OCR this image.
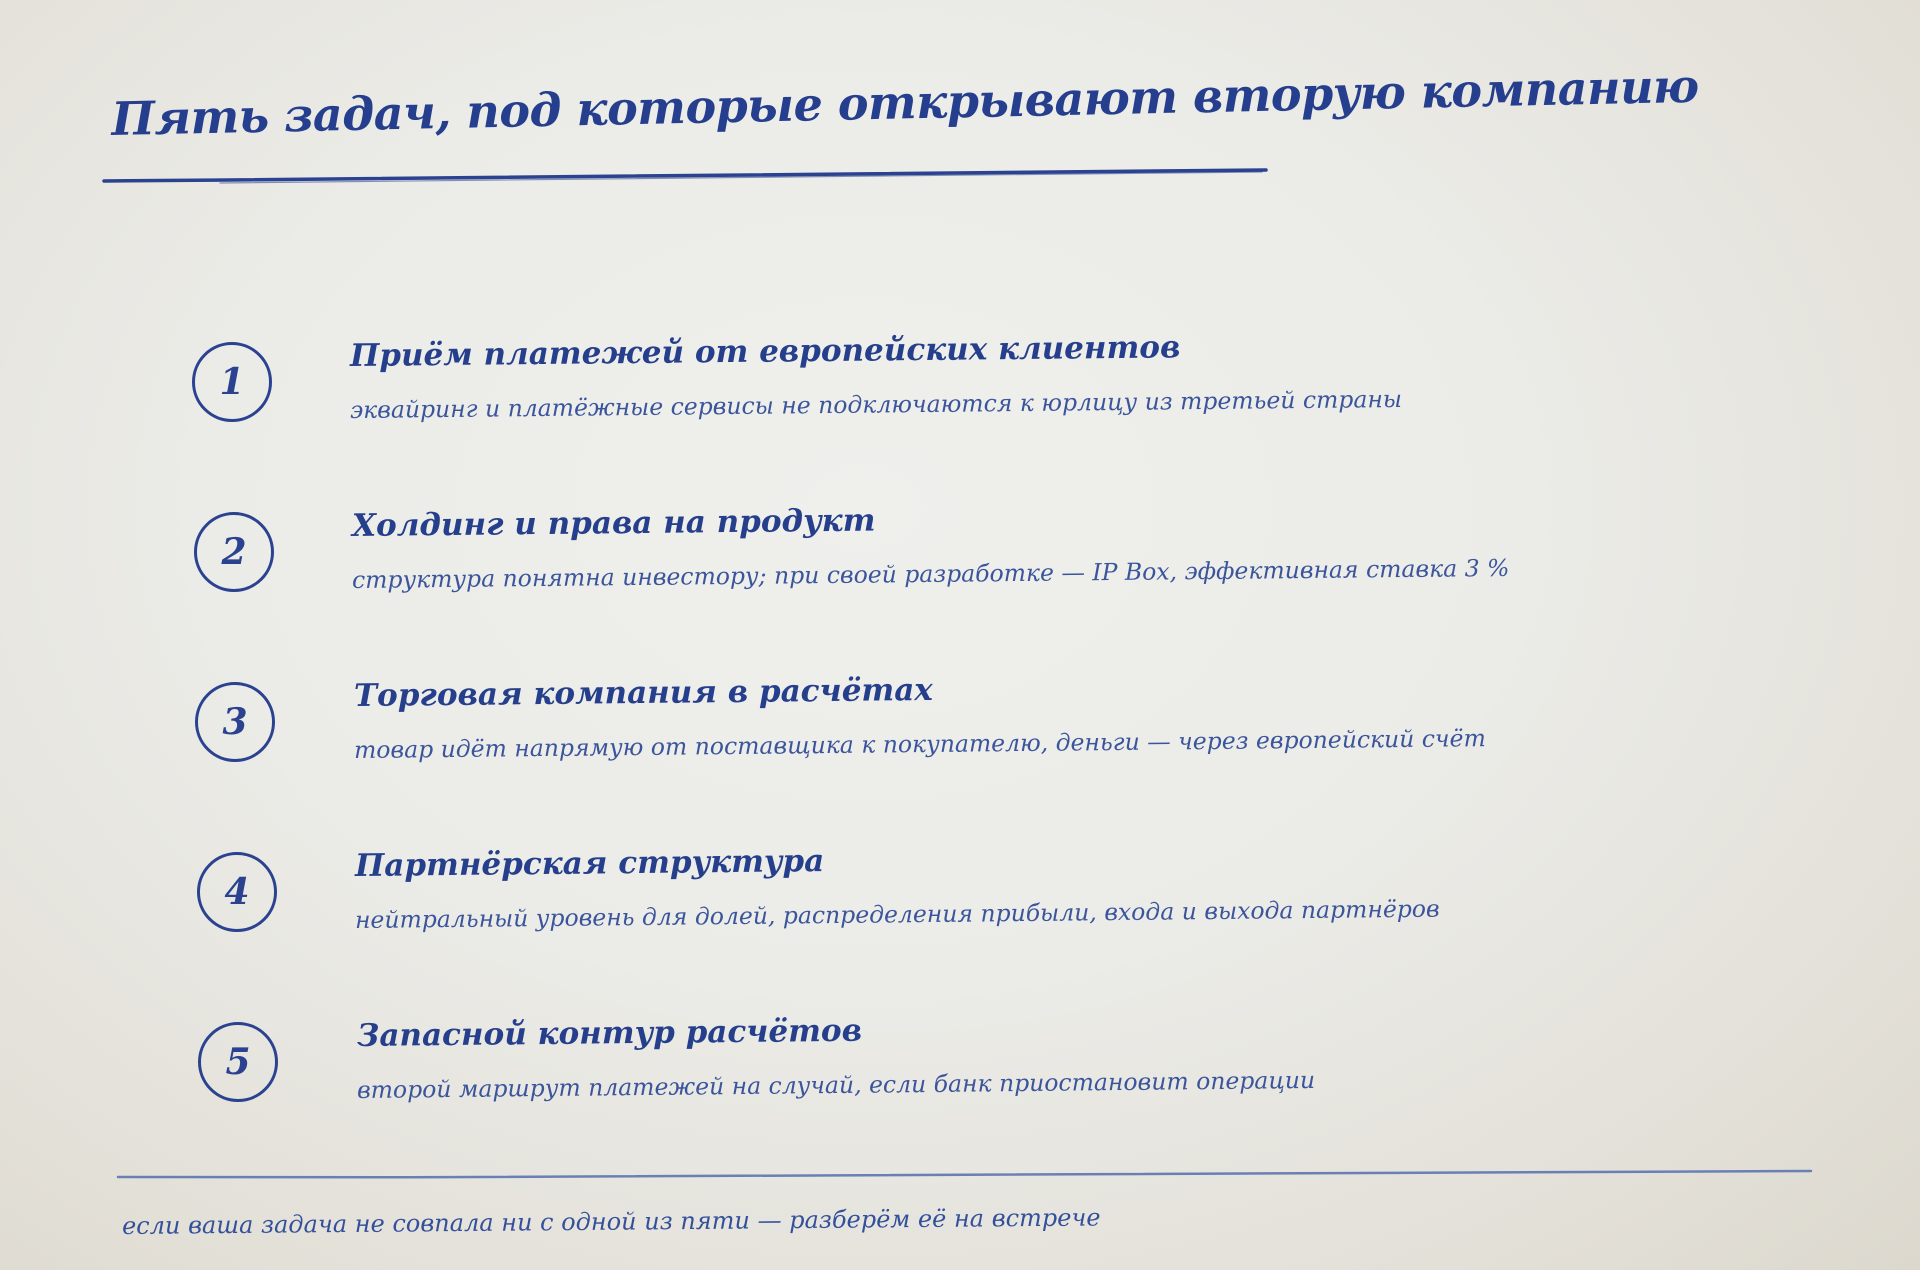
Пять задач, под которые открывают вторую компанию
1
Приём платежей от европейских клиентов

эквайринг и платёжные сервисы не подключаются к юрлицу из третьей страны

2
Холдинг и права на продукт

структура понятна инвестору; при своей разработке — IP Box, эффективная ставка 3 %

3
Торговая компания в расчётах

товар идёт напрямую от поставщика к покупателю, деньги — через европейский счёт

4
Партнёрская структура

нейтральный уровень для долей, распределения прибыли, входа и выхода партнёров

5
Запасной контур расчётов

второй маршрут платежей на случай, если банк приостановит операции

если ваша задача не совпала ни с одной из пяти — разберём её на встрече
